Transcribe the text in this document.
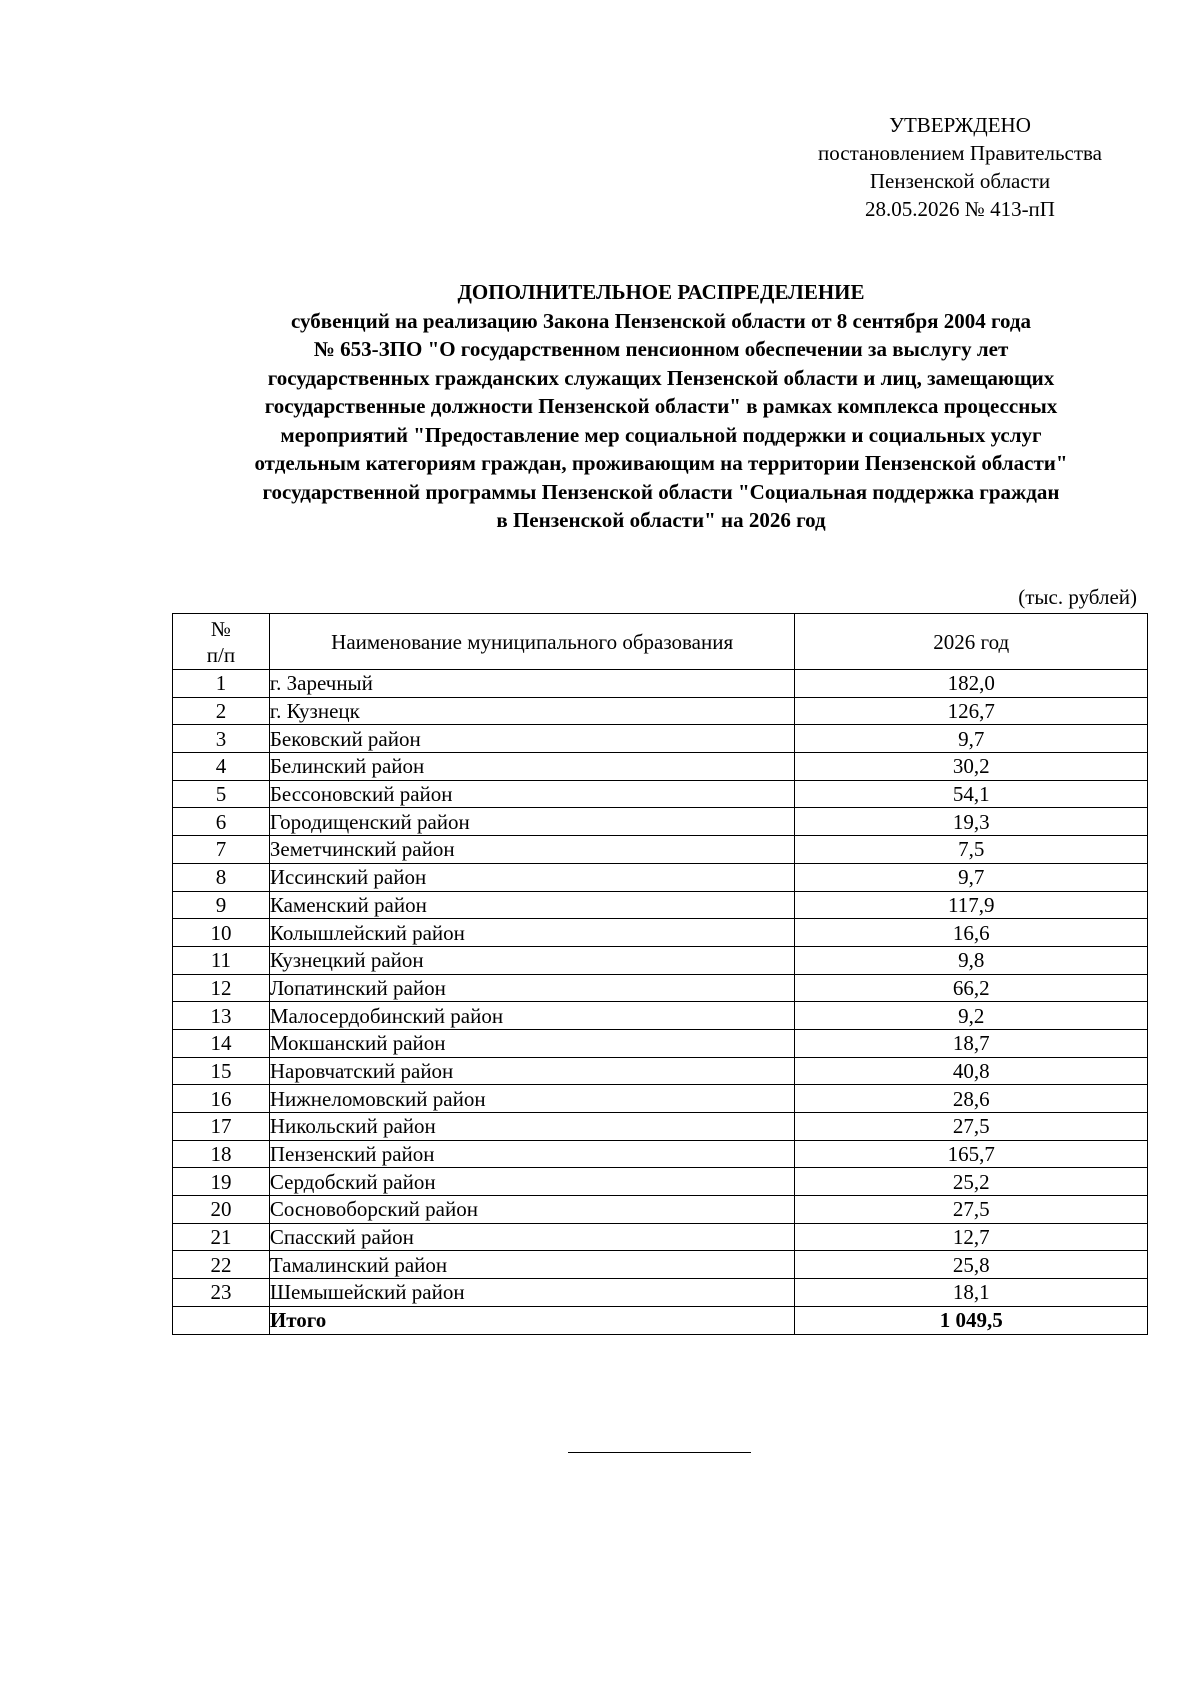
УТВЕРЖДЕНО
постановлением Правительства
Пензенской области
28.05.2026 № 413-пП
ДОПОЛНИТЕЛЬНОЕ РАСПРЕДЕЛЕНИЕ
субвенций на реализацию Закона Пензенской области от 8 сентября 2004 года
№ 653-ЗПО "О государственном пенсионном обеспечении за выслугу лет
государственных гражданских служащих Пензенской области и лиц, замещающих
государственные должности Пензенской области" в рамках комплекса процессных
мероприятий "Предоставление мер социальной поддержки и социальных услуг
отдельным категориям граждан, проживающим на территории Пензенской области"
государственной программы Пензенской области "Социальная поддержка граждан
в Пензенской области" на 2026 год
(тыс. рублей)
№
п/п	Наименование муниципального образования	2026 год
1	г. Заречный	182,0
2	г. Кузнецк	126,7
3	Бековский район	9,7
4	Белинский район	30,2
5	Бессоновский район	54,1
6	Городищенский район	19,3
7	Земетчинский район	7,5
8	Иссинский район	9,7
9	Каменский район	117,9
10	Колышлейский район	16,6
11	Кузнецкий район	9,8
12	Лопатинский район	66,2
13	Малосердобинский район	9,2
14	Мокшанский район	18,7
15	Наровчатский район	40,8
16	Нижнеломовский район	28,6
17	Никольский район	27,5
18	Пензенский район	165,7
19	Сердобский район	25,2
20	Сосновоборский район	27,5
21	Спасский район	12,7
22	Тамалинский район	25,8
23	Шемышейский район	18,1
	Итого	1 049,5
